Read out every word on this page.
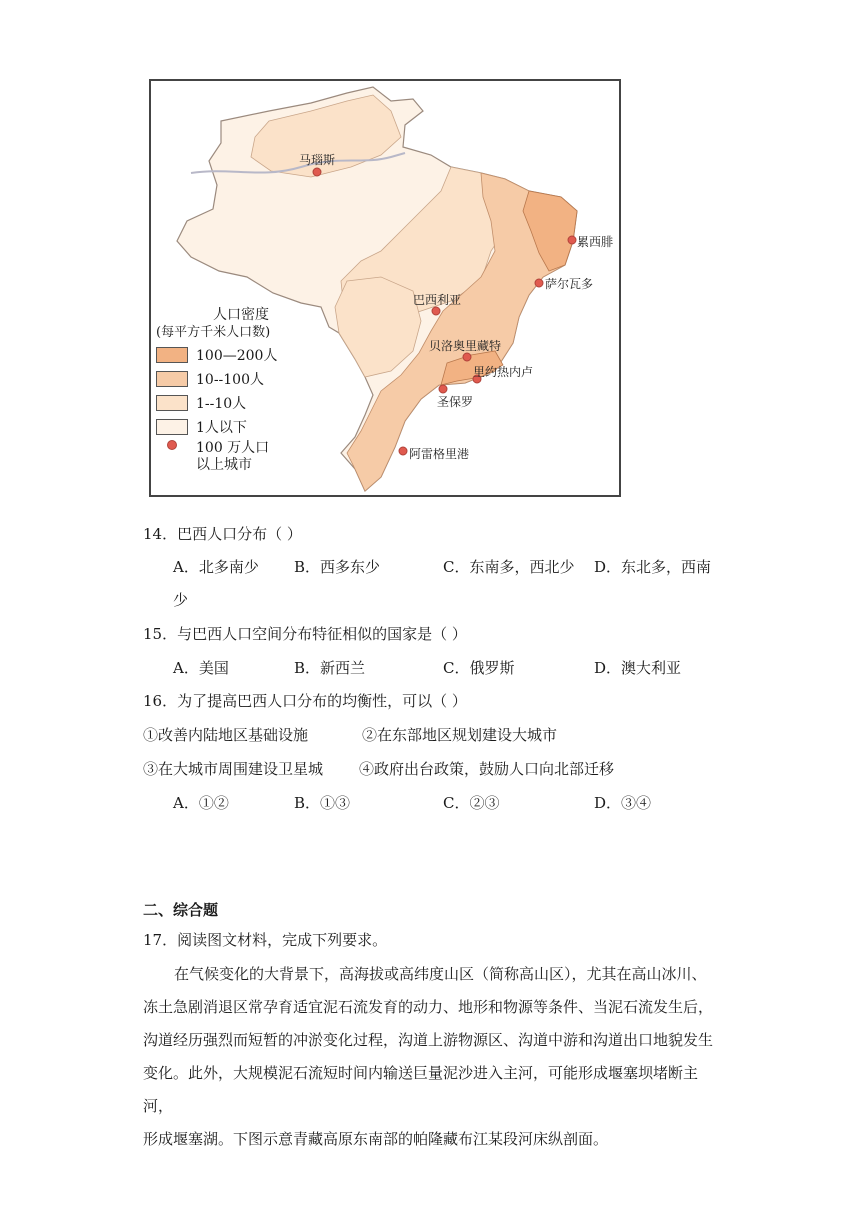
马瑙斯
累西腓
萨尔瓦多
巴西利亚
贝洛奥里藏特
里约热内卢
圣保罗
阿雷格里港
人口密度
(每平方千米人口数)
100—200人
10--100人
1--10人
1人以下
100 万人口
以上城市
14．巴西人口分布（ ）
A．北多南少 B．西多东少	C．东南多，西北少 D．东北多，西南
少
15．与巴西人口空间分布特征相似的国家是（ ）
A．美国	B．新西兰	C．俄罗斯	D．澳大利亚
16．为了提高巴西人口分布的均衡性，可以（ ）
①改善内陆地区基础设施	②在东部地区规划建设大城市
③在大城市周围建设卫星城 ④政府出台政策，鼓励人口向北部迁移
A．①②	B．①③	C．②③	D．③④
二、综合题
17．阅读图文材料，完成下列要求。
在气候变化的大背景下，高海拔或高纬度山区（简称高山区），尤其在高山冰川、
冻土急剧消退区常孕育适宜泥石流发育的动力、地形和物源等条件、当泥石流发生后，
沟道经历强烈而短暂的冲淤变化过程，沟道上游物源区、沟道中游和沟道出口地貌发生
变化。此外，大规模泥石流短时间内输送巨量泥沙进入主河，可能形成堰塞坝堵断主河，
形成堰塞湖。下图示意青藏高原东南部的帕隆藏布江某段河床纵剖面。
